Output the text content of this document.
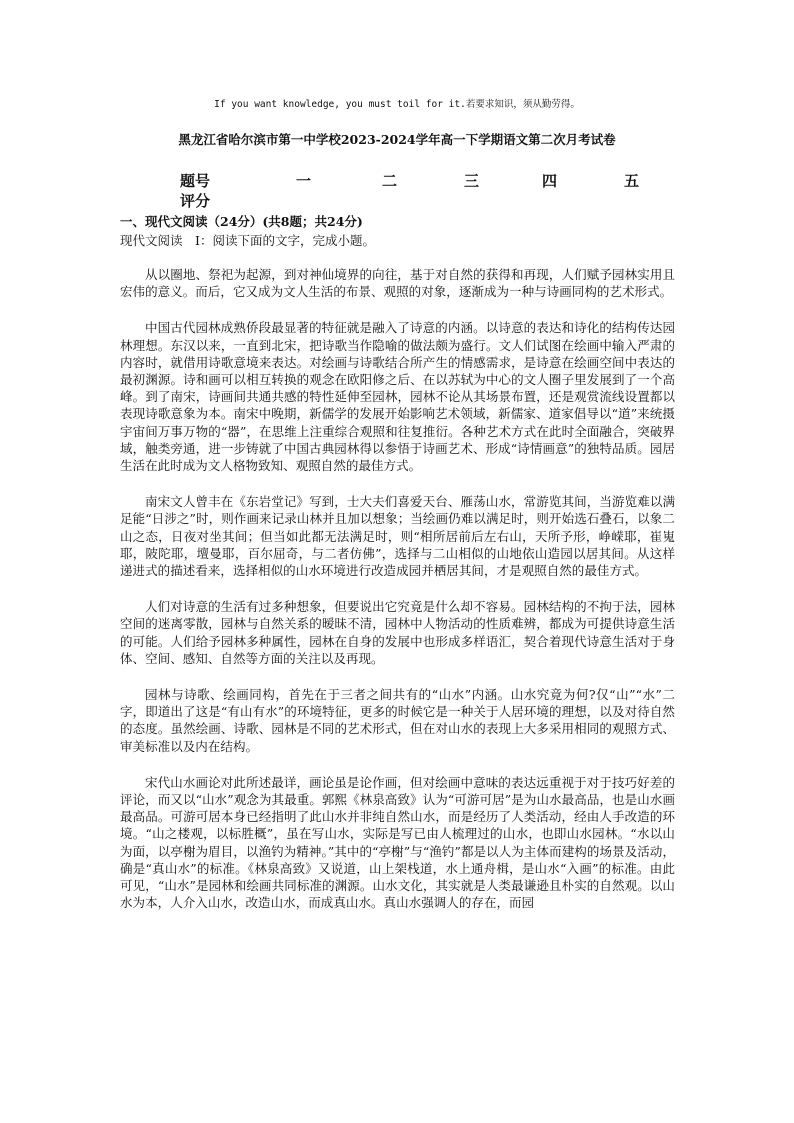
If you want knowledge, you must toil for it.若要求知识，须从勤劳得。
黑龙江省哈尔滨市第一中学校2023-2024学年高一下学期语文第二次月考试卷
题号	一	二	三	四	五
评分
一、现代文阅读（24分）(共8题；共24分)
现代文阅读　Ⅰ：阅读下面的文字，完成小题。

从以圈地、祭祀为起源，到对神仙境界的向往，基于对自然的获得和再现，人们赋予园林实用且宏伟的意义。而后，它又成为文人生活的布景、观照的对象，逐渐成为一种与诗画同构的艺术形式。

中国古代园林成熟侨段最显著的特征就是融入了诗意的内涵。以诗意的表达和诗化的结构传达园林理想。东汉以来，一直到北宋，把诗歌当作隐喻的做法颇为盛行。文人们试图在绘画中输入严肃的内容时，就借用诗歌意境来表达。对绘画与诗歌结合所产生的情感需求，是诗意在绘画空间中表达的最初渊源。诗和画可以相互转换的观念在欧阳修之后、在以苏轼为中心的文人圈子里发展到了一个高峰。到了南宋，诗画间共通共感的特性延伸至园林，园林不论从其场景布置，还是观赏流线设置都以表现诗歌意象为本。南宋中晚期，新儒学的发展开始影响艺术领域，新儒家、道家倡导以“道”来统摄宇宙间万事万物的“器”，在思维上注重综合观照和往复推衍。各种艺术方式在此时全面融合，突破界域，触类旁通，进一步铸就了中国古典园林得以参悟于诗画艺术、形成“诗情画意”的独特品质。园居生活在此时成为文人格物致知、观照自然的最佳方式。

南宋文人曾丰在《东岩堂记》写到，士大夫们喜爱天台、雁荡山水，常游览其间，当游览难以满足能“日涉之”时，则作画来记录山林并且加以想象；当绘画仍难以满足时，则开始选石叠石，以象二山之态，日夜对坐其间；但当如此都无法满足时，则“相所居前后左右山，天所予形，峥嵘耶，崔嵬耶，陂陀耶，壇曼耶，百尔屈奇，与二者仿佛”，选择与二山相似的山地依山造园以居其间。从这样递进式的描述看来，选择相似的山水环境进行改造成园并栖居其间，才是观照自然的最佳方式。

人们对诗意的生活有过多种想象，但要说出它究竟是什么却不容易。园林结构的不拘于法，园林空间的迷离零散，园林与自然关系的暧昧不清，园林中人物活动的性质难辨，都成为可提供诗意生活的可能。人们给予园林多种属性，园林在自身的发展中也形成多样语汇，契合着现代诗意生活对于身体、空间、感知、自然等方面的关注以及再现。

园林与诗歌、绘画同构，首先在于三者之间共有的“山水”内涵。山水究竟为何?仅“山”“水”二字，即道出了这是“有山有水”的环境特征，更多的时候它是一种关于人居环境的理想，以及对待自然的态度。虽然绘画、诗歌、园林是不同的艺术形式，但在对山水的表现上大多采用相同的观照方式、审美标准以及内在结构。

宋代山水画论对此所述最详，画论虽是论作画，但对绘画中意味的表达远重视于对于技巧好差的评论，而又以“山水”观念为其最重。郭熙《林泉高致》认为“可游可居”是为山水最高品，也是山水画最高品。可游可居本身已经指明了此山水并非纯自然山水，而是经历了人类活动，经由人手改造的环境。“山之楼观，以标胜概”，虽在写山水，实际是写已由人梳理过的山水，也即山水园林。“水以山为面，以亭榭为眉目，以渔钓为精神。”其中的“亭榭”与“渔钓”都是以人为主体而建构的场景及活动，确是“真山水”的标准。《林泉高致》又说道，山上架栈道，水上通舟楫，是山水“入画”的标准。由此可见，“山水”是园林和绘画共同标准的渊源。山水文化，其实就是人类最谦逊且朴实的自然观。以山水为本，人介入山水，改造山水，而成真山水。真山水强调人的存在，而园
